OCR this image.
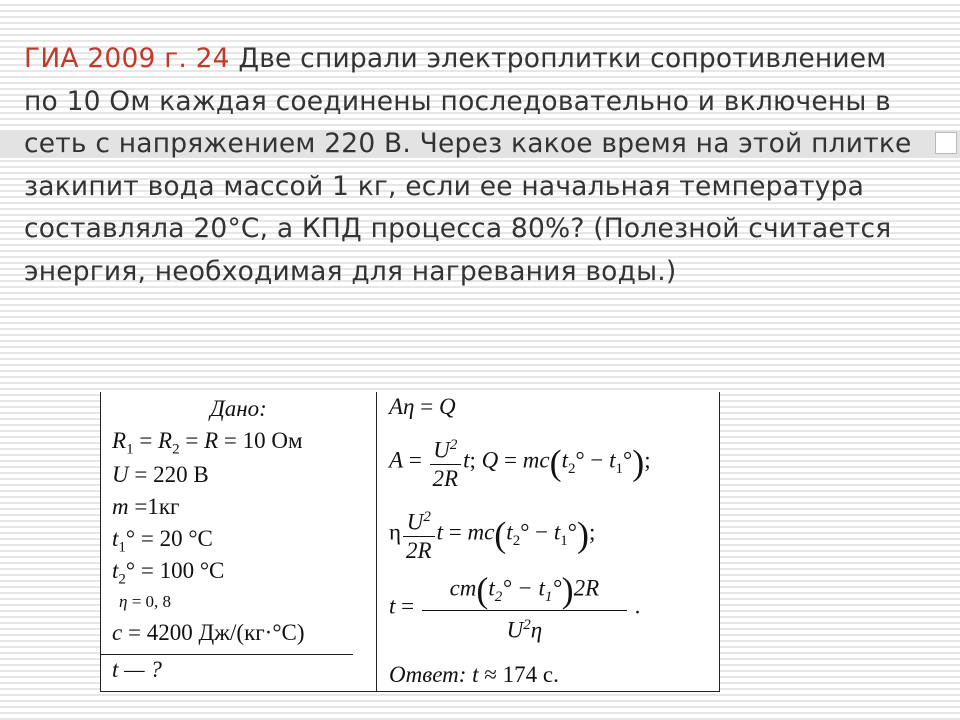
ГИА 2009 г. 24 Две спирали электроплитки сопротивлением по 10 Ом каждая соединены последовательно и включены в сеть с напряжением 220 В. Через какое время на этой плитке закипит вода массой 1 кг, если ее начальная температура составляла 20°С, а КПД процесса 80%? (Полезной считается энергия, необходимая для нагревания воды.)

Дано:
$R_1 = R_2 = R = 10$ Ом
U = 220 В
m =1кг
$t_1^\circ = 20$ °С
$t_2^\circ = 100$ °С
η = 0, 8
c = 4200 Дж/(кг·°С)
t — ?
Aη = Q
$A = \frac{U^2}{2R} t$; $Q = mc(t_2^\circ - t_1^\circ)$;
η $\frac{U^2}{2R}$ $t = mc(t_2^\circ - t_1^\circ)$;
$t = \frac{cm(t_2^\circ - t_1^\circ)2R}{U^2\eta}$ .
Ответ: t ≈ 174 с.
